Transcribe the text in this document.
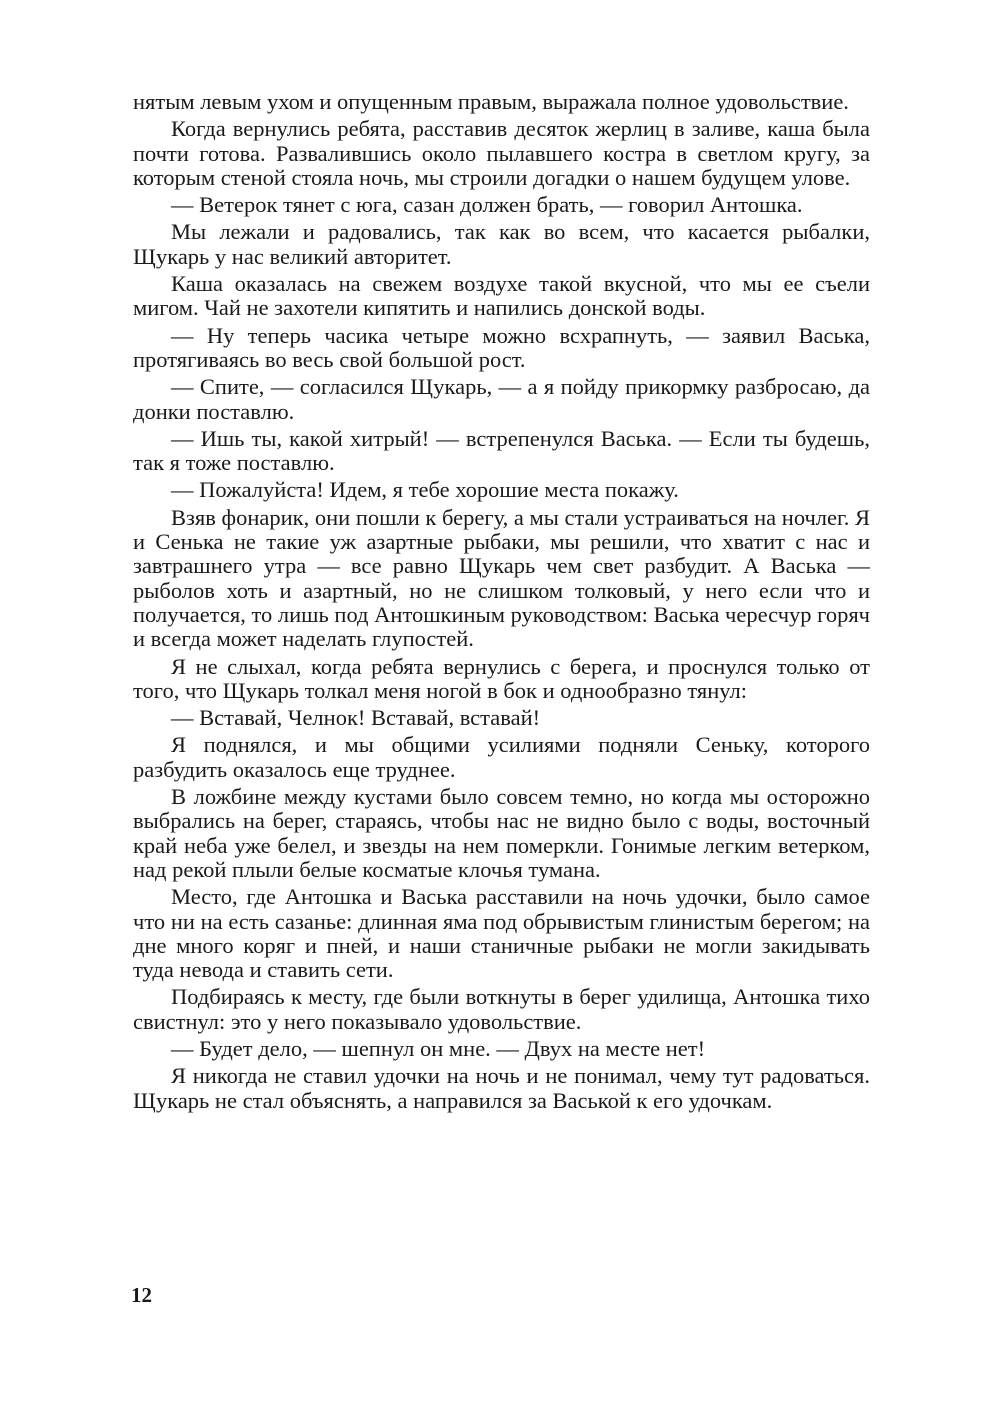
нятым левым ухом и опущенным правым, выражала полное удовольствие.

Когда вернулись ребята, расставив десяток жерлиц в заливе, каша была почти готова. Развалившись около пылавшего костра в светлом кругу, за которым стеной стояла ночь, мы строили догадки о нашем будущем улове.

— Ветерок тянет с юга, сазан должен брать, — говорил Антошка.

Мы лежали и радовались, так как во всем, что касается рыбалки, Щукарь у нас великий авторитет.

Каша оказалась на свежем воздухе такой вкусной, что мы ее съели мигом. Чай не захотели кипятить и напились донской воды.

— Ну теперь часика четыре можно всхрапнуть, — заявил Васька, протягиваясь во весь свой большой рост.

— Спите, — согласился Щукарь, — а я пойду прикормку разбросаю, да донки поставлю.

— Ишь ты, какой хитрый! — встрепенулся Васька. — Если ты будешь, так я тоже поставлю.

— Пожалуйста! Идем, я тебе хорошие места покажу.

Взяв фонарик, они пошли к берегу, а мы стали устраиваться на ночлег. Я и Сенька не такие уж азартные рыбаки, мы решили, что хватит с нас и завтрашнего утра — все равно Щукарь чем свет разбудит. А Васька — рыболов хоть и азартный, но не слишком толковый, у него если что и получается, то лишь под Антошкиным руководством: Васька чересчур горяч и всегда может наделать глупостей.

Я не слыхал, когда ребята вернулись с берега, и проснулся только от того, что Щукарь толкал меня ногой в бок и однообразно тянул:

— Вставай, Челнок! Вставай, вставай!

Я поднялся, и мы общими усилиями подняли Сеньку, которого разбудить оказалось еще труднее.

В ложбине между кустами было совсем темно, но когда мы осторожно выбрались на берег, стараясь, чтобы нас не видно было с воды, восточный край неба уже белел, и звезды на нем померкли. Гонимые легким ветерком, над рекой плыли белые косматые клочья тумана.

Место, где Антошка и Васька расставили на ночь удочки, было самое что ни на есть сазанье: длинная яма под обрывистым глинистым берегом; на дне много коряг и пней, и наши станичные рыбаки не могли закидывать туда невода и ставить сети.

Подбираясь к месту, где были воткнуты в берег удилища, Антошка тихо свистнул: это у него показывало удовольствие.

— Будет дело, — шепнул он мне. — Двух на месте нет!

Я никогда не ставил удочки на ночь и не понимал, чему тут радоваться. Щукарь не стал объяснять, а направился за Васькой к его удочкам.

12
